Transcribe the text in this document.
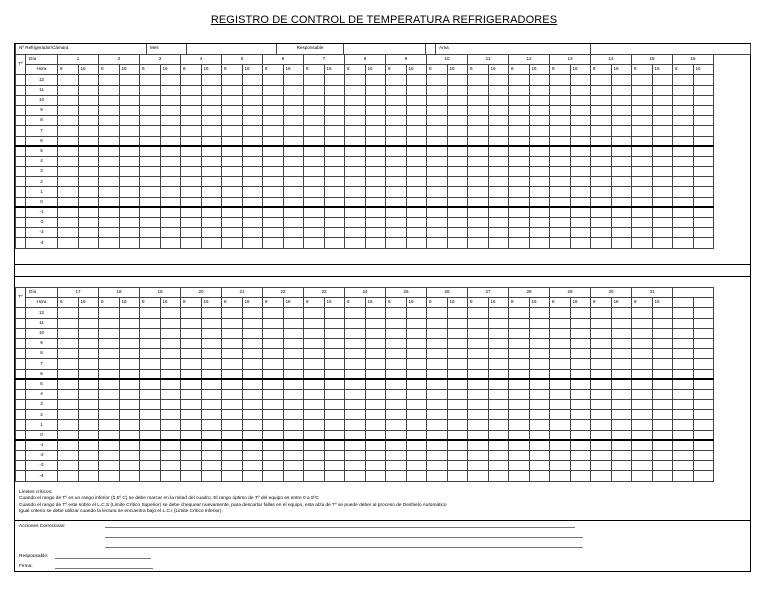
REGISTRO DE CONTROL DE TEMPERATURA REFRIGERADORES
Nº Refrigerador/Cámara	Mes		Responsable			Area	
Tº	Día	1		2		3		4		5		6		7		8		9		10		11		12		13		14		15		16	
	Hora	8	16	8	16	8	16	8	16	8	16	8	16	8	16	8	16	8	16	8	16	8	16	8	16	8	16	8	16	8	16	8	16
	12																																
	11																																
	10																																
	9																																
	8																																
	7																																
	6																																
	5																																
	4																																
	3																																
	2																																
	1																																
	0																																
	-1																																
	-2																																
	-3																																
	-4																																
Tº	Día	17		18		19		20		21		22		23		24		25		26		27		28		29		30		31			
	Hora	8	16	8	16	8	16	8	16	8	16	8	16	8	16	8	16	8	16	8	16	8	16	8	16	8	16	8	16	8	16		
	12																																
	11																																
	10																																
	9																																
	8																																
	7																																
	6																																
	5																																
	4																																
	3																																
	2																																
	1																																
	0																																
	-1																																
	-2																																
	-3																																
	-4																																
Límites críticos:
Cuando el rango de Tº es un rango inferior (0,5º C) se debe marcar en la mitad del cuadro. El rango óptimo de Tº del equipo es entre 0 a 5ºC
Cuando el rango de Tº este sobre el L.C.S (Limite Crítico Superior) se debe chequear nuevamente, para descartar fallas en el equipo, esta alza de Tº se puede deber al proceso de Deshielo Automático
Igual criterio se debe utilizar cuando la lectura se encuentra bajo el L.C.I (Limite Crítico Inferior).
Acciones Correctivas:
Responsable:
Firma:
